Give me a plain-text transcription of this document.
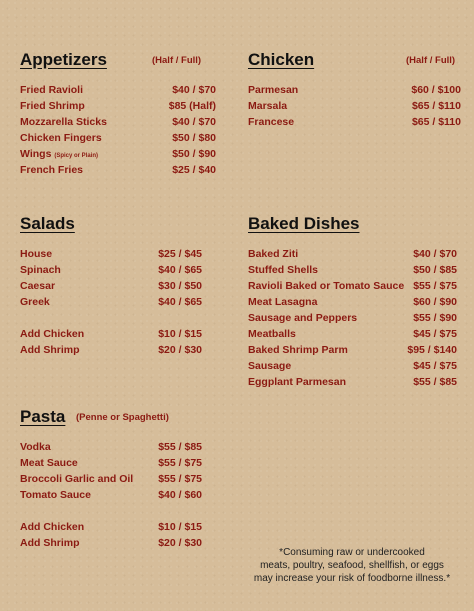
Appetizers	(Half / Full)
Fried Ravioli	$40 / $70
Fried Shrimp	$85 (Half)
Mozzarella Sticks	$40 / $70
Chicken Fingers	$50 / $80
Wings (Spicy or Plain)	$50 / $90
French Fries	$25 / $40
Chicken	(Half / Full)
Parmesan	$60 / $100
Marsala	$65 / $110
Francese	$65 / $110
Salads
House	$25 / $45
Spinach	$40 / $65
Caesar	$30 / $50
Greek	$40 / $65
Add Chicken	$10 / $15
Add Shrimp	$20 / $30
Baked Dishes
Baked Ziti	$40 / $70
Stuffed Shells	$50 / $85
Ravioli Baked or Tomato Sauce $55 / $75
Meat Lasagna	$60 / $90
Sausage and Peppers	$55 / $90
Meatballs	$45 / $75
Baked Shrimp Parm	$95 / $140
Sausage	$45 / $75
Eggplant Parmesan	$55 / $85
Pasta (Penne or Spaghetti)
Vodka	$55 / $85
Meat Sauce	$55 / $75
Broccoli Garlic and Oil $55 / $75
Tomato Sauce	$40 / $60
Add Chicken	$10 / $15
Add Shrimp	$20 / $30
*Consuming raw or undercooked
meats, poultry, seafood, shellfish, or eggs
may increase your risk of foodborne illness.*
